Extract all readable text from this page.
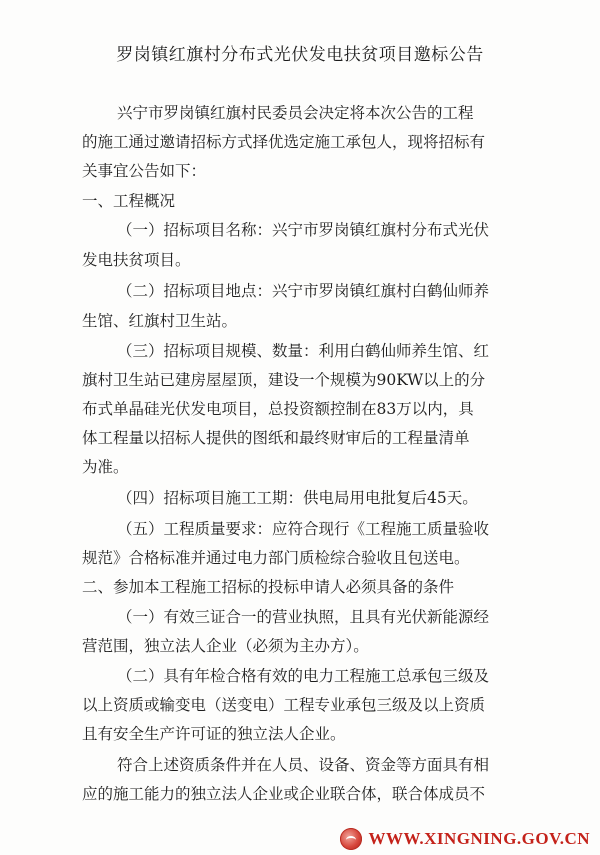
罗岗镇红旗村分布式光伏发电扶贫项目邀标公告
兴宁市罗岗镇红旗村民委员会决定将本次公告的工程
的施工通过邀请招标方式择优选定施工承包人，现将招标有
关事宜公告如下：
一、工程概况
（一）招标项目名称：兴宁市罗岗镇红旗村分布式光伏
发电扶贫项目。
（二）招标项目地点：兴宁市罗岗镇红旗村白鹤仙师养
生馆、红旗村卫生站。
（三）招标项目规模、数量：利用白鹤仙师养生馆、红
旗村卫生站已建房屋屋顶，建设一个规模为90KW以上的分
布式单晶硅光伏发电项目，总投资额控制在83万以内，具
体工程量以招标人提供的图纸和最终财审后的工程量清单
为准。
（四）招标项目施工工期：供电局用电批复后45天。
（五）工程质量要求：应符合现行《工程施工质量验收
规范》合格标准并通过电力部门质检综合验收且包送电。
二、参加本工程施工招标的投标申请人必须具备的条件
（一）有效三证合一的营业执照，且具有光伏新能源经
营范围，独立法人企业（必须为主办方）。
（二）具有年检合格有效的电力工程施工总承包三级及
以上资质或输变电（送变电）工程专业承包三级及以上资质
且有安全生产许可证的独立法人企业。
符合上述资质条件并在人员、设备、资金等方面具有相
应的施工能力的独立法人企业或企业联合体，联合体成员不
WWW.XINGNING.GOV.CN
